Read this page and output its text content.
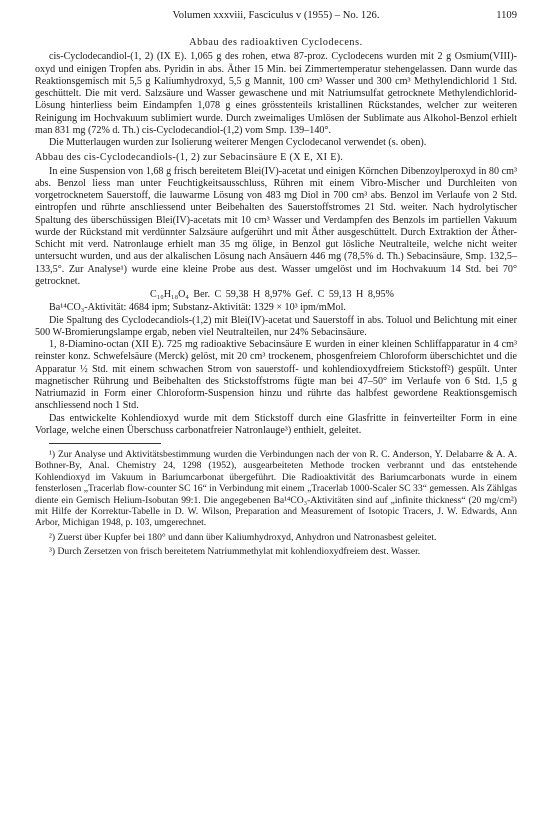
Volumen xxxviii, Fasciculus v (1955) – No. 126.	1109
Abbau des radioaktiven Cyclodecens.

cis-Cyclodecandiol-(1, 2) (IX E). 1,065 g des rohen, etwa 87-proz. Cyclodecens wurden mit 2 g Osmium(VIII)-oxyd und einigen Tropfen abs. Pyridin in abs. Äther 15 Min. bei Zimmertemperatur stehengelassen. Dann wurde das Reaktionsgemisch mit 5,5 g Kaliumhydroxyd, 5,5 g Mannit, 100 cm³ Wasser und 300 cm³ Methylendichlorid 1 Std. geschüttelt. Die mit verd. Salzsäure und Wasser gewaschene und mit Natriumsulfat getrocknete Methylendichlorid-Lösung hinterliess beim Eindampfen 1,078 g eines grösstenteils kristallinen Rückstandes, welcher zur weiteren Reinigung im Hochvakuum sublimiert wurde. Durch zweimaliges Umlösen der Sublimate aus Alkohol-Benzol erhielt man 831 mg (72% d. Th.) cis-Cyclodecandiol-(1,2) vom Smp. 139–140°.

Die Mutterlaugen wurden zur Isolierung weiterer Mengen Cyclodecanol verwendet (s. oben).

Abbau des cis-Cyclodecandiols-(1, 2) zur Sebacinsäure E (X E, XI E).

In eine Suspension von 1,68 g frisch bereitetem Blei(IV)-acetat und einigen Körnchen Dibenzoylperoxyd in 80 cm³ abs. Benzol liess man unter Feuchtigkeitsausschluss, Rühren mit einem Vibro-Mischer und Durchleiten von vorgetrocknetem Sauerstoff, die lauwarme Lösung von 483 mg Diol in 700 cm³ abs. Benzol im Verlaufe von 2 Std. eintropfen und rührte anschliessend unter Beibehalten des Sauerstoffstromes 21 Std. weiter. Nach hydrolytischer Spaltung des überschüssigen Blei(IV)-acetats mit 10 cm³ Wasser und Verdampfen des Benzols im partiellen Vakuum wurde der Rückstand mit verdünnter Salzsäure aufgerührt und mit Äther ausgeschüttelt. Durch Extraktion der Äther-Schicht mit verd. Natronlauge erhielt man 35 mg ölige, in Benzol gut lösliche Neutralteile, welche nicht weiter untersucht wurden, und aus der alkalischen Lösung nach Ansäuern 446 mg (78,5% d. Th.) Sebacinsäure, Smp. 132,5–133,5°. Zur Analyse¹) wurde eine kleine Probe aus dest. Wasser umgelöst und im Hochvakuum 14 Std. bei 70° getrocknet.

C₁₀H₁₈O₄ Ber. C 59,38 H 8,97% Gef. C 59,13 H 8,95%
Ba¹⁴CO₃-Aktivität: 4684 ipm; Substanz-Aktivität: 1329 × 10³ ipm/mMol.

Die Spaltung des Cyclodecandiols-(1,2) mit Blei(IV)-acetat und Sauerstoff in abs. Toluol und Belichtung mit einer 500 W-Bromierungslampe ergab, neben viel Neutralteilen, nur 24% Sebacinsäure.

1, 8-Diamino-octan (XII E). 725 mg radioaktive Sebacinsäure E wurden in einer kleinen Schliffapparatur in 4 cm³ reinster konz. Schwefelsäure (Merck) gelöst, mit 20 cm³ trockenem, phosgenfreiem Chloroform überschichtet und die Apparatur ½ Std. mit einem schwachen Strom von sauerstoff- und kohlendioxydfreiem Stickstoff²) gespült. Unter magnetischer Rührung und Beibehalten des Stickstoffstroms fügte man bei 47–50° im Verlaufe von 6 Std. 1,5 g Natriumazid in Form einer Chloroform-Suspension hinzu und rührte das halbfest gewordene Reaktionsgemisch anschliessend noch 1 Std.

Das entwickelte Kohlendioxyd wurde mit dem Stickstoff durch eine Glasfritte in feinverteilter Form in eine Vorlage, welche einen Überschuss carbonatfreier Natronlauge³) enthielt, geleitet.

¹) Zur Analyse und Aktivitätsbestimmung wurden die Verbindungen nach der von R. C. Anderson, Y. Delabarre & A. A. Bothner-By, Anal. Chemistry 24, 1298 (1952), ausgearbeiteten Methode trocken verbrannt und das entstehende Kohlendioxyd im Vakuum in Bariumcarbonat übergeführt. Die Radioaktivität des Bariumcarbonats wurde in einem fensterlosen „Tracerlab flow-counter SC 16“ in Verbindung mit einem „Tracerlab 1000-Scaler SC 33“ gemessen. Als Zählgas diente ein Gemisch Helium-Isobutan 99:1. Die angegebenen Ba¹⁴CO₃-Aktivitäten sind auf „infinite thickness“ (20 mg/cm²) mit Hilfe der Korrektur-Tabelle in D. W. Wilson, Preparation and Measurement of Isotopic Tracers, J. W. Edwards, Ann Arbor, Michigan 1948, p. 103, umgerechnet.

²) Zuerst über Kupfer bei 180° und dann über Kaliumhydroxyd, Anhydron und Natronasbest geleitet.

³) Durch Zersetzen von frisch bereitetem Natriummethylat mit kohlendioxydfreiem dest. Wasser.
